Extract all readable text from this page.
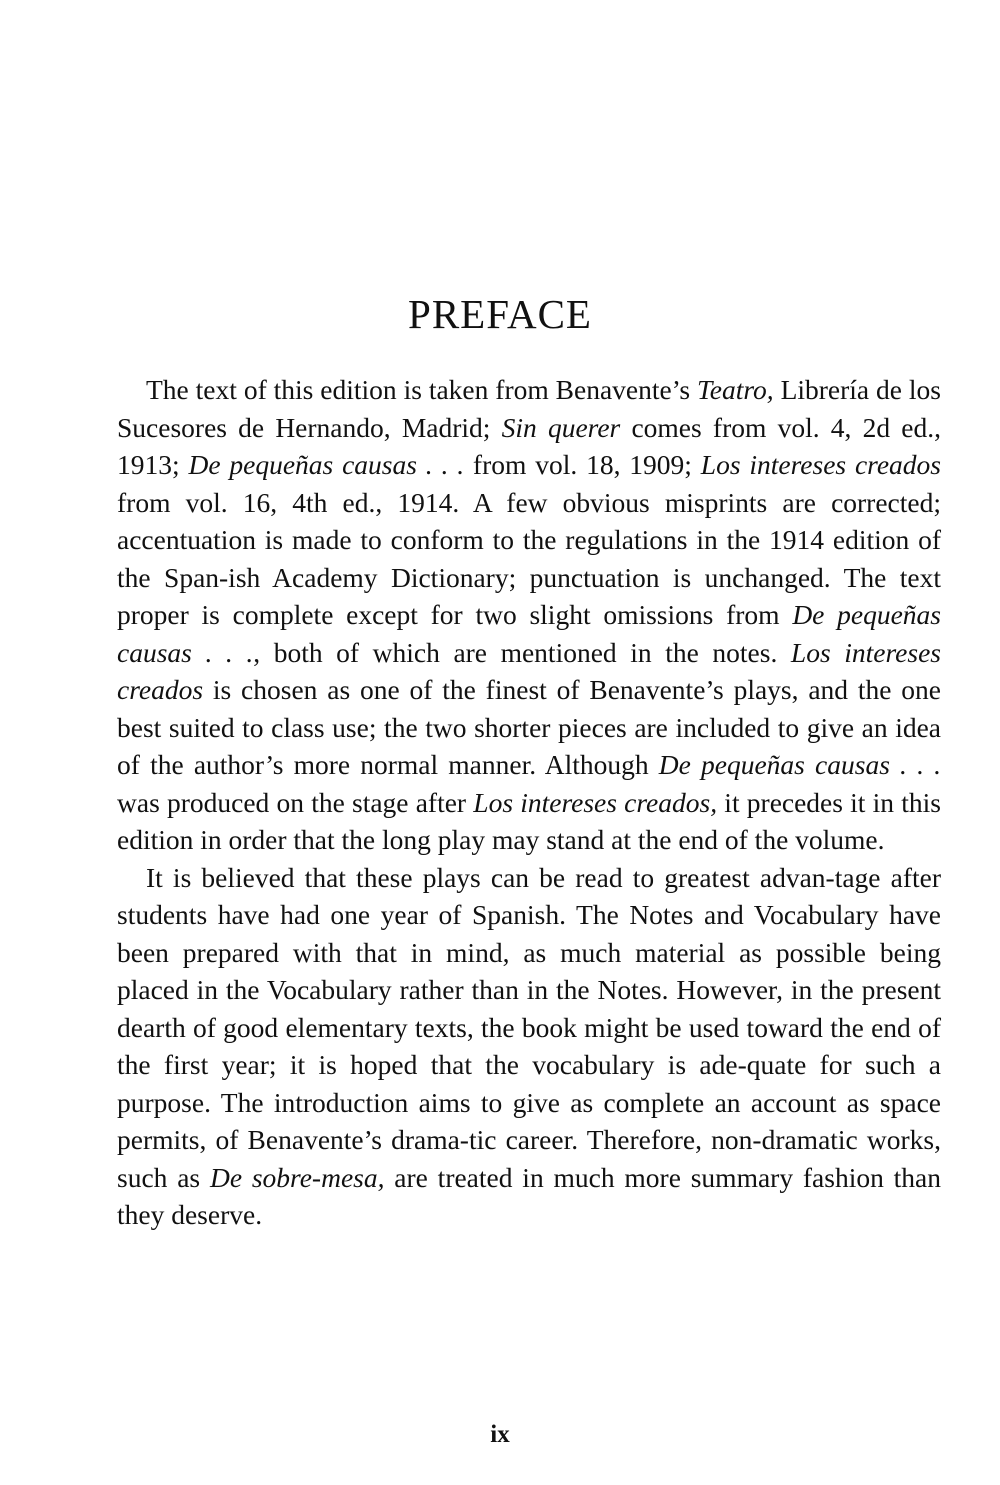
PREFACE

The text of this edition is taken from Benavente’s Teatro, Librería de los Sucesores de Hernando, Madrid; Sin querer comes from vol. 4, 2d ed., 1913; De pequeñas causas . . . from vol. 18, 1909; Los intereses creados from vol. 16, 4th ed., 1914. A few obvious misprints are corrected; accentuation is made to conform to the regulations in the 1914 edition of the Span-ish Academy Dictionary; punctuation is unchanged. The text proper is complete except for two slight omissions from De pequeñas causas . . ., both of which are mentioned in the notes. Los intereses creados is chosen as one of the finest of Benavente’s plays, and the one best suited to class use; the two shorter pieces are included to give an idea of the author’s more normal manner. Although De pequeñas causas . . . was produced on the stage after Los intereses creados, it precedes it in this edition in order that the long play may stand at the end of the volume.

It is believed that these plays can be read to greatest advan-tage after students have had one year of Spanish. The Notes and Vocabulary have been prepared with that in mind, as much material as possible being placed in the Vocabulary rather than in the Notes. However, in the present dearth of good elementary texts, the book might be used toward the end of the first year; it is hoped that the vocabulary is ade-quate for such a purpose. The introduction aims to give as complete an account as space permits, of Benavente’s drama-tic career. Therefore, non-dramatic works, such as De sobre-mesa, are treated in much more summary fashion than they deserve.

ix
